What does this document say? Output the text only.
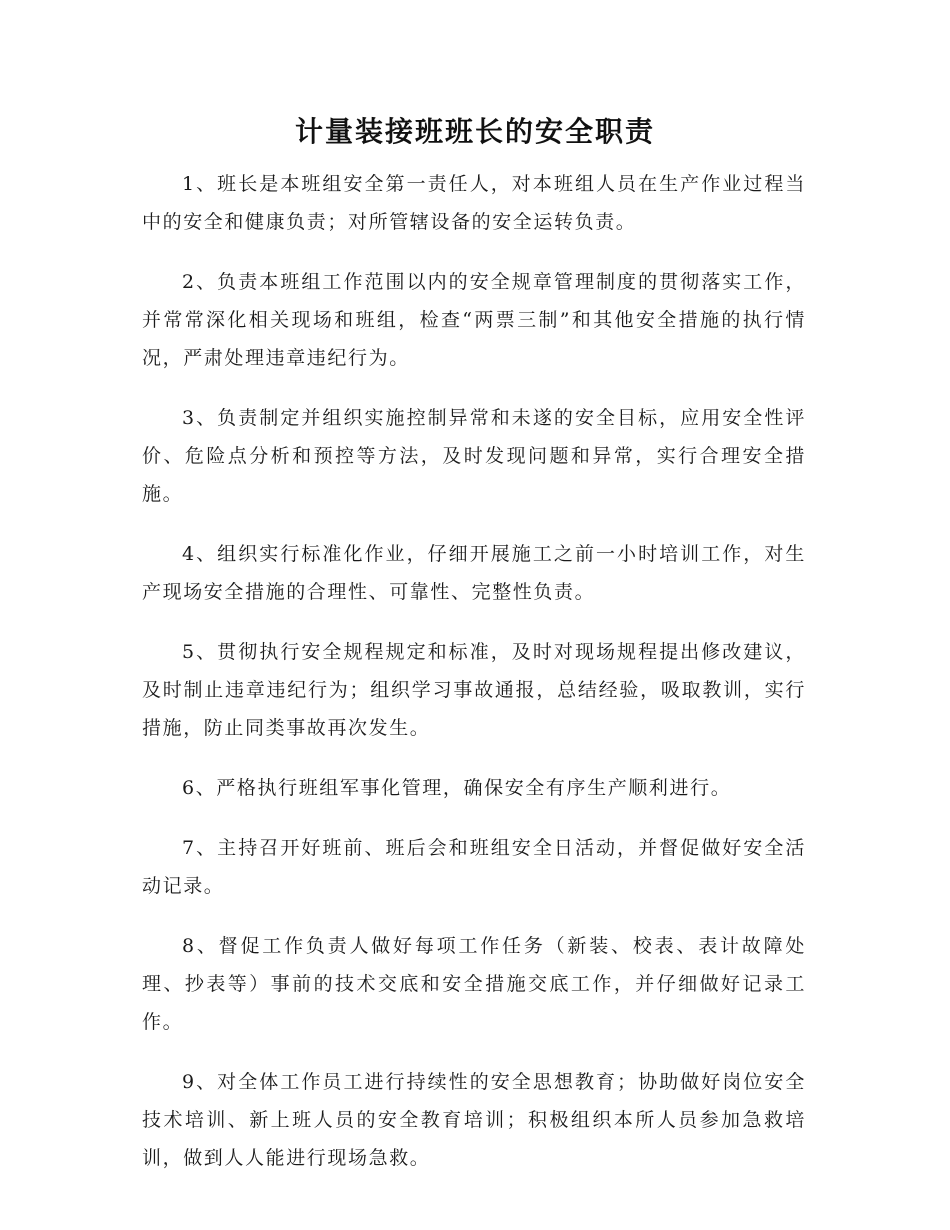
计量装接班班长的安全职责

1、班长是本班组安全第一责任人，对本班组人员在生产作业过程当中的安全和健康负责；对所管辖设备的安全运转负责。

2、负责本班组工作范围以内的安全规章管理制度的贯彻落实工作，并常常深化相关现场和班组，检查“两票三制”和其他安全措施的执行情况，严肃处理违章违纪行为。

3、负责制定并组织实施控制异常和未遂的安全目标，应用安全性评价、危险点分析和预控等方法，及时发现问题和异常，实行合理安全措施。

4、组织实行标准化作业，仔细开展施工之前一小时培训工作，对生产现场安全措施的合理性、可靠性、完整性负责。

5、贯彻执行安全规程规定和标准，及时对现场规程提出修改建议，及时制止违章违纪行为；组织学习事故通报，总结经验，吸取教训，实行措施，防止同类事故再次发生。

6、严格执行班组军事化管理，确保安全有序生产顺利进行。

7、主持召开好班前、班后会和班组安全日活动，并督促做好安全活动记录。

8、督促工作负责人做好每项工作任务（新装、校表、表计故障处理、抄表等）事前的技术交底和安全措施交底工作，并仔细做好记录工作。

9、对全体工作员工进行持续性的安全思想教育；协助做好岗位安全技术培训、新上班人员的安全教育培训；积极组织本所人员参加急救培训，做到人人能进行现场急救。
